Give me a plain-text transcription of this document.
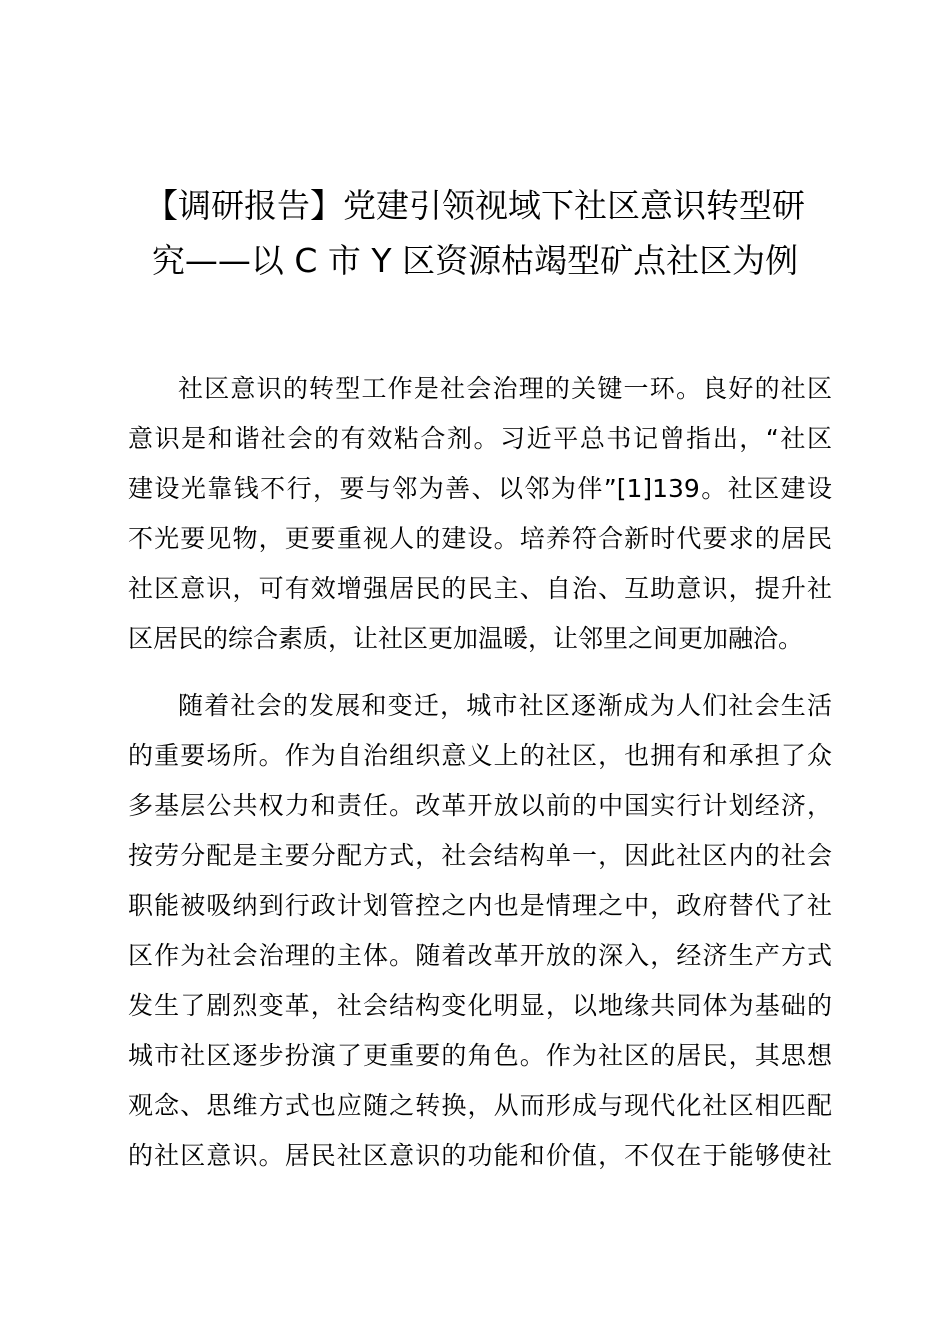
【调研报告】党建引领视域下社区意识转型研
究——以 C 市 Y 区资源枯竭型矿点社区为例

社区意识的转型工作是社会治理的关键一环。良好的社区
意识是和谐社会的有效粘合剂。习近平总书记曾指出，“社区
建设光靠钱不行，要与邻为善、以邻为伴”[1]139。社区建设
不光要见物，更要重视人的建设。培养符合新时代要求的居民
社区意识，可有效增强居民的民主、自治、互助意识，提升社
区居民的综合素质，让社区更加温暖，让邻里之间更加融洽。

随着社会的发展和变迁，城市社区逐渐成为人们社会生活
的重要场所。作为自治组织意义上的社区，也拥有和承担了众
多基层公共权力和责任。改革开放以前的中国实行计划经济，
按劳分配是主要分配方式，社会结构单一，因此社区内的社会
职能被吸纳到行政计划管控之内也是情理之中，政府替代了社
区作为社会治理的主体。随着改革开放的深入，经济生产方式
发生了剧烈变革，社会结构变化明显，以地缘共同体为基础的
城市社区逐步扮演了更重要的角色。作为社区的居民，其思想
观念、思维方式也应随之转换，从而形成与现代化社区相匹配
的社区意识。居民社区意识的功能和价值，不仅在于能够使社
